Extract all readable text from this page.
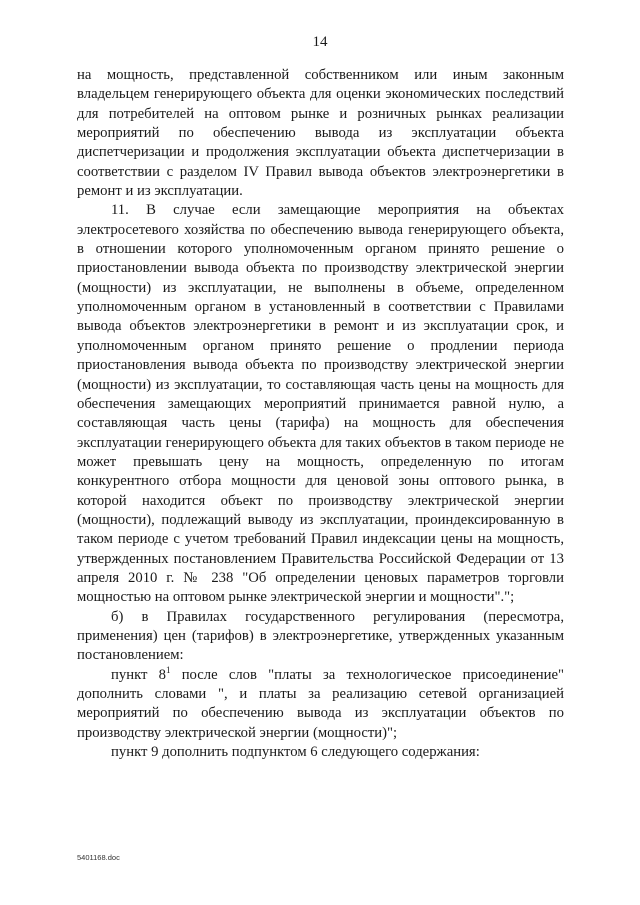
14

на мощность, представленной собственником или иным законным владельцем генерирующего объекта для оценки экономических последствий для потребителей на оптовом рынке и розничных рынках реализации мероприятий по обеспечению вывода из эксплуатации объекта диспетчеризации и продолжения эксплуатации объекта диспетчеризации в соответствии с разделом IV Правил вывода объектов электроэнергетики в ремонт и из эксплуатации.

11. В случае если замещающие мероприятия на объектах электросетевого хозяйства по обеспечению вывода генерирующего объекта, в отношении которого уполномоченным органом принято решение о приостановлении вывода объекта по производству электрической энергии (мощности) из эксплуатации, не выполнены в объеме, определенном уполномоченным органом в установленный в соответствии с Правилами вывода объектов электроэнергетики в ремонт и из эксплуатации срок, и уполномоченным органом принято решение о продлении периода приостановления вывода объекта по производству электрической энергии (мощности) из эксплуатации, то составляющая часть цены на мощность для обеспечения замещающих мероприятий принимается равной нулю, а составляющая часть цены (тарифа) на мощность для обеспечения эксплуатации генерирующего объекта для таких объектов в таком периоде не может превышать цену на мощность, определенную по итогам конкурентного отбора мощности для ценовой зоны оптового рынка, в которой находится объект по производству электрической энергии (мощности), подлежащий выводу из эксплуатации, проиндексированную в таком периоде с учетом требований Правил индексации цены на мощность, утвержденных постановлением Правительства Российской Федерации от 13 апреля 2010 г. № 238 "Об определении ценовых параметров торговли мощностью на оптовом рынке электрической энергии и мощности".";

б) в Правилах государственного регулирования (пересмотра, применения) цен (тарифов) в электроэнергетике, утвержденных указанным постановлением:

пункт $8^1$ после слов "платы за технологическое присоединение" дополнить словами ", и платы за реализацию сетевой организацией мероприятий по обеспечению вывода из эксплуатации объектов по производству электрической энергии (мощности)";

пункт 9 дополнить подпунктом 6 следующего содержания:

5401168.doc
